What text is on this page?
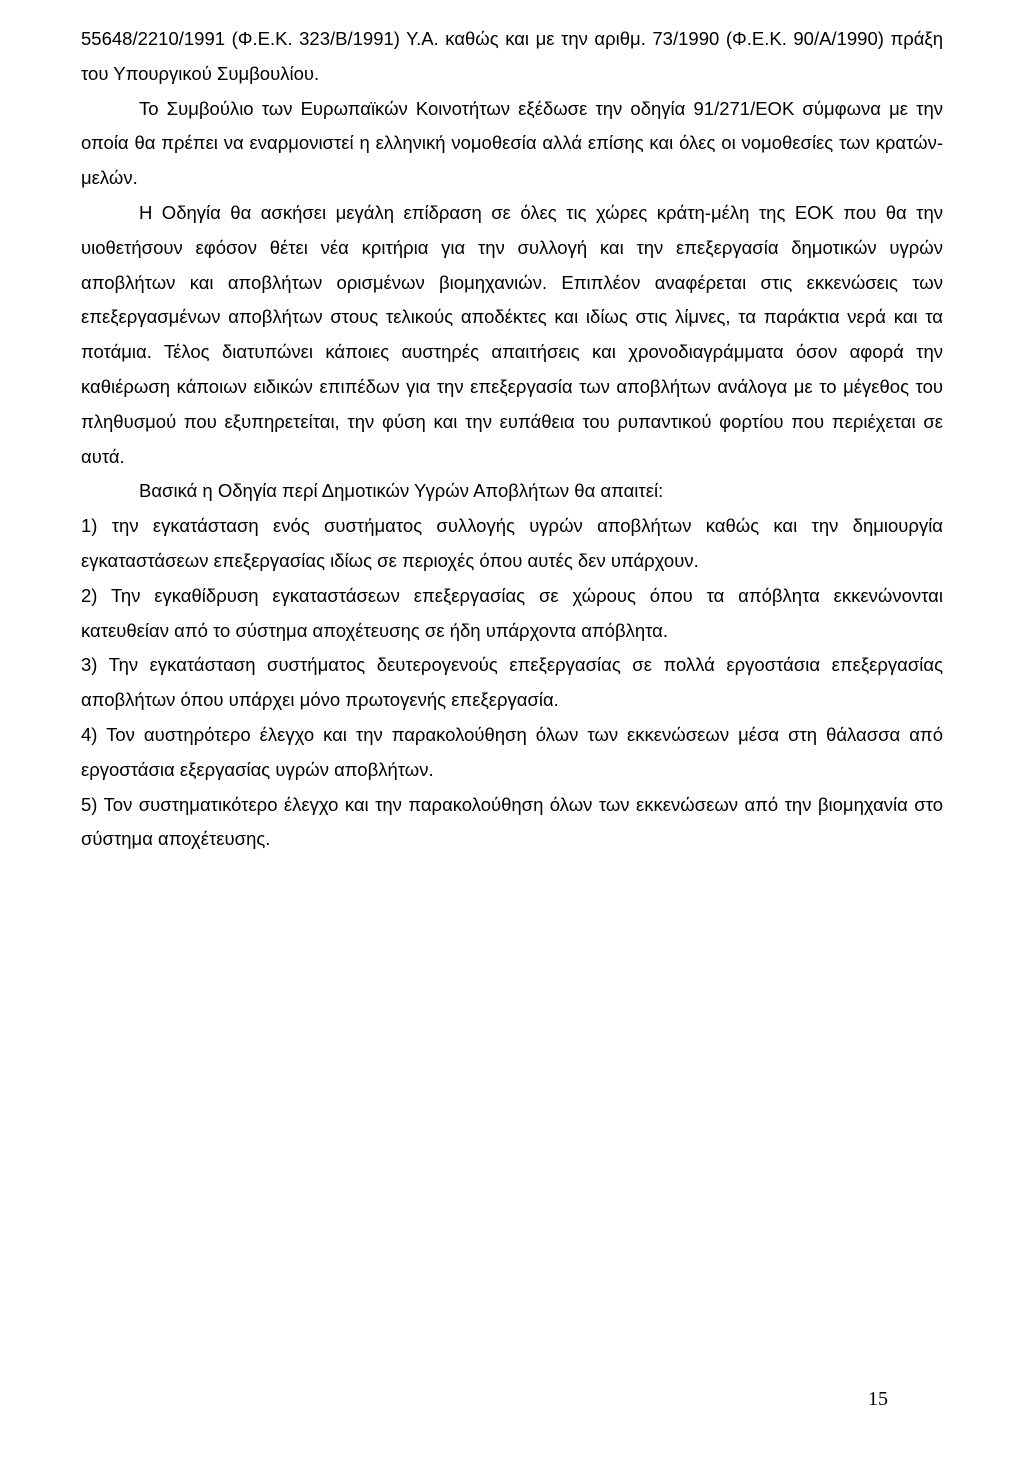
55648/2210/1991 (Φ.Ε.Κ. 323/Β/1991) Υ.Α. καθώς και με την αριθμ. 73/1990 (Φ.Ε.Κ. 90/Α/1990) πράξη του Υπουργικού Συμβουλίου.

Το Συμβούλιο των Ευρωπαϊκών Κοινοτήτων εξέδωσε την οδηγία 91/271/ΕΟΚ σύμφωνα με την οποία θα πρέπει να εναρμονιστεί η ελληνική νομοθεσία αλλά επίσης και όλες οι νομοθεσίες των κρατών-μελών.

Η Οδηγία θα ασκήσει μεγάλη επίδραση σε όλες τις χώρες κράτη-μέλη της ΕΟΚ που θα την υιοθετήσουν εφόσον θέτει νέα κριτήρια για την συλλογή και την επεξεργασία δημοτικών υγρών αποβλήτων και αποβλήτων ορισμένων βιομηχανιών. Επιπλέον αναφέρεται στις εκκενώσεις των επεξεργασμένων αποβλήτων στους τελικούς αποδέκτες και ιδίως στις λίμνες, τα παράκτια νερά και τα ποτάμια. Τέλος διατυπώνει κάποιες αυστηρές απαιτήσεις και χρονοδιαγράμματα όσον αφορά την καθιέρωση κάποιων ειδικών επιπέδων για την επεξεργασία των αποβλήτων ανάλογα με το μέγεθος του πληθυσμού που εξυπηρετείται, την φύση και την ευπάθεια του ρυπαντικού φορτίου που περιέχεται σε αυτά.

Βασικά η Οδηγία περί Δημοτικών Υγρών Αποβλήτων θα απαιτεί:

1) την εγκατάσταση ενός συστήματος συλλογής υγρών αποβλήτων καθώς και την δημιουργία εγκαταστάσεων επεξεργασίας ιδίως σε περιοχές όπου αυτές δεν υπάρχουν.

2) Την εγκαθίδρυση εγκαταστάσεων επεξεργασίας σε χώρους όπου τα απόβλητα εκκενώνονται κατευθείαν από το σύστημα αποχέτευσης σε ήδη υπάρχοντα απόβλητα.

3) Την εγκατάσταση συστήματος δευτερογενούς επεξεργασίας σε πολλά εργοστάσια επεξεργασίας αποβλήτων όπου υπάρχει μόνο πρωτογενής επεξεργασία.

4) Τον αυστηρότερο έλεγχο και την παρακολούθηση όλων των εκκενώσεων μέσα στη θάλασσα από εργοστάσια εξεργασίας υγρών αποβλήτων.

5) Τον συστηματικότερο έλεγχο και την παρακολούθηση όλων των εκκενώσεων από την βιομηχανία στο σύστημα αποχέτευσης.

15
